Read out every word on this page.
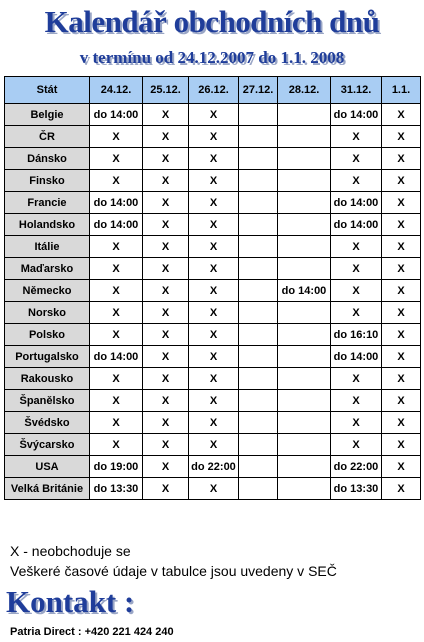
Kalendář obchodních dnů
v termínu od 24.12.2007 do 1.1. 2008
Stát	24.12.	25.12.	26.12.	27.12.	28.12.	31.12.	1.1.
Belgie	do 14:00	X	X			do 14:00	X
ČR	X	X	X			X	X
Dánsko	X	X	X			X	X
Finsko	X	X	X			X	X
Francie	do 14:00	X	X			do 14:00	X
Holandsko	do 14:00	X	X			do 14:00	X
Itálie	X	X	X			X	X
Maďarsko	X	X	X			X	X
Německo	X	X	X		do 14:00	X	X
Norsko	X	X	X			X	X
Polsko	X	X	X			do 16:10	X
Portugalsko	do 14:00	X	X			do 14:00	X
Rakousko	X	X	X			X	X
Španělsko	X	X	X			X	X
Švédsko	X	X	X			X	X
Švýcarsko	X	X	X			X	X
USA	do 19:00	X	do 22:00			do 22:00	X
Velká Británie	do 13:30	X	X			do 13:30	X
X - neobchoduje se
Veškeré časové údaje v tabulce jsou uvedeny v SEČ
Kontakt :
Patria Direct : +420 221 424 240
